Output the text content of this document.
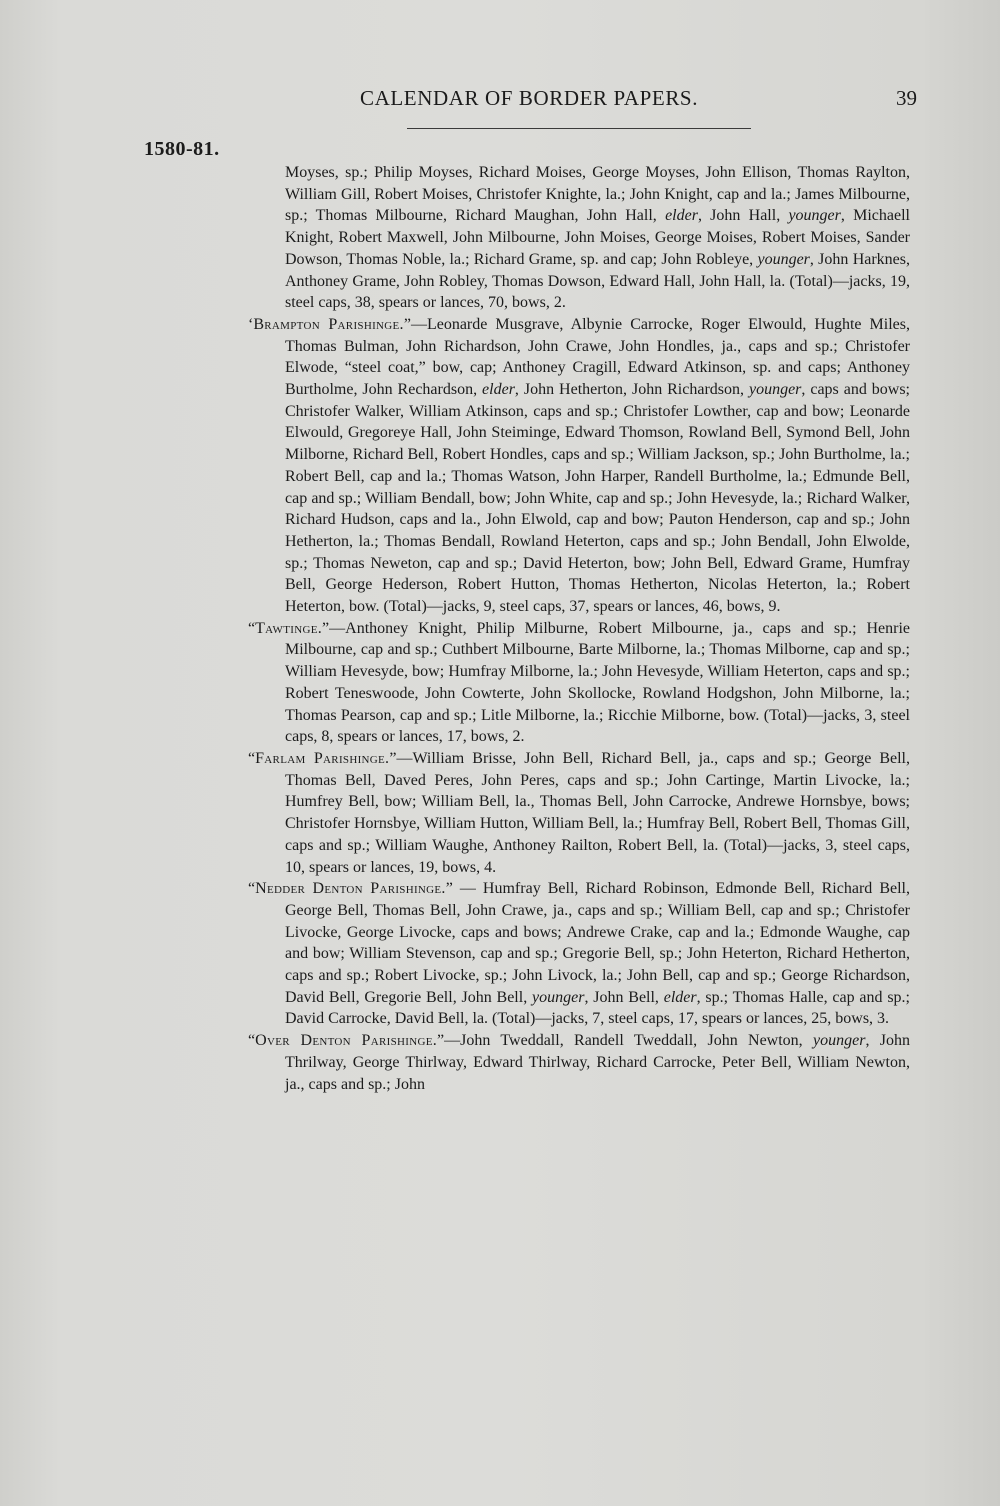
CALENDAR OF BORDER PAPERS.	39
1580-81.

Moyses, sp.; Philip Moyses, Richard Moises, George Moyses, John Ellison, Thomas Raylton, William Gill, Robert Moises, Christofer Knighte, la.; John Knight, cap and la.; James Milbourne, sp.; Thomas Milbourne, Richard Maughan, John Hall, elder, John Hall, younger, Michaell Knight, Robert Maxwell, John Milbourne, John Moises, George Moises, Robert Moises, Sander Dowson, Thomas Noble, la.; Richard Grame, sp. and cap; John Robleye, younger, John Harknes, Anthoney Grame, John Robley, Thomas Dowson, Edward Hall, John Hall, la. (Total)—jacks, 19, steel caps, 38, spears or lances, 70, bows, 2.

‘Brampton Parishinge.”—Leonarde Musgrave, Albynie Carrocke, Roger Elwould, Hughte Miles, Thomas Bulman, John Richardson, John Crawe, John Hondles, ja., caps and sp.; Christofer Elwode, “steel coat,” bow, cap; Anthoney Cragill, Edward Atkinson, sp. and caps; Anthoney Burtholme, John Rechardson, elder, John Hetherton, John Richardson, younger, caps and bows; Christofer Walker, William Atkinson, caps and sp.; Christofer Lowther, cap and bow; Leonarde Elwould, Gregoreye Hall, John Steiminge, Edward Thomson, Rowland Bell, Symond Bell, John Milborne, Richard Bell, Robert Hondles, caps and sp.; William Jackson, sp.; John Burtholme, la.; Robert Bell, cap and la.; Thomas Watson, John Harper, Randell Burtholme, la.; Edmunde Bell, cap and sp.; William Bendall, bow; John White, cap and sp.; John Hevesyde, la.; Richard Walker, Richard Hudson, caps and la., John Elwold, cap and bow; Pauton Henderson, cap and sp.; John Hetherton, la.; Thomas Bendall, Rowland Heterton, caps and sp.; John Bendall, John Elwolde, sp.; Thomas Neweton, cap and sp.; David Heterton, bow; John Bell, Edward Grame, Humfray Bell, George Hederson, Robert Hutton, Thomas Hetherton, Nicolas Heterton, la.; Robert Heterton, bow. (Total)—jacks, 9, steel caps, 37, spears or lances, 46, bows, 9.

“Tawtinge.”—Anthoney Knight, Philip Milburne, Robert Milbourne, ja., caps and sp.; Henrie Milbourne, cap and sp.; Cuthbert Milbourne, Barte Milborne, la.; Thomas Milborne, cap and sp.; William Hevesyde, bow; Humfray Milborne, la.; John Hevesyde, William Heterton, caps and sp.; Robert Teneswoode, John Cowterte, John Skollocke, Rowland Hodgshon, John Milborne, la.; Thomas Pearson, cap and sp.; Litle Milborne, la.; Ricchie Milborne, bow. (Total)—jacks, 3, steel caps, 8, spears or lances, 17, bows, 2.

“Farlam Parishinge.”—William Brisse, John Bell, Richard Bell, ja., caps and sp.; George Bell, Thomas Bell, Daved Peres, John Peres, caps and sp.; John Cartinge, Martin Livocke, la.; Humfrey Bell, bow; William Bell, la., Thomas Bell, John Carrocke, Andrewe Hornsbye, bows; Christofer Hornsbye, William Hutton, William Bell, la.; Humfray Bell, Robert Bell, Thomas Gill, caps and sp.; William Waughe, Anthoney Railton, Robert Bell, la. (Total)—jacks, 3, steel caps, 10, spears or lances, 19, bows, 4.

“Nedder Denton Parishinge.” — Humfray Bell, Richard Robinson, Edmonde Bell, Richard Bell, George Bell, Thomas Bell, John Crawe, ja., caps and sp.; William Bell, cap and sp.; Christofer Livocke, George Livocke, caps and bows; Andrewe Crake, cap and la.; Edmonde Waughe, cap and bow; William Stevenson, cap and sp.; Gregorie Bell, sp.; John Heterton, Richard Hetherton, caps and sp.; Robert Livocke, sp.; John Livock, la.; John Bell, cap and sp.; George Richardson, David Bell, Gregorie Bell, John Bell, younger, John Bell, elder, sp.; Thomas Halle, cap and sp.; David Carrocke, David Bell, la. (Total)—jacks, 7, steel caps, 17, spears or lances, 25, bows, 3.

“Over Denton Parishinge.”—John Tweddall, Randell Tweddall, John Newton, younger, John Thrilway, George Thirlway, Edward Thirlway, Richard Carrocke, Peter Bell, William Newton, ja., caps and sp.; John
